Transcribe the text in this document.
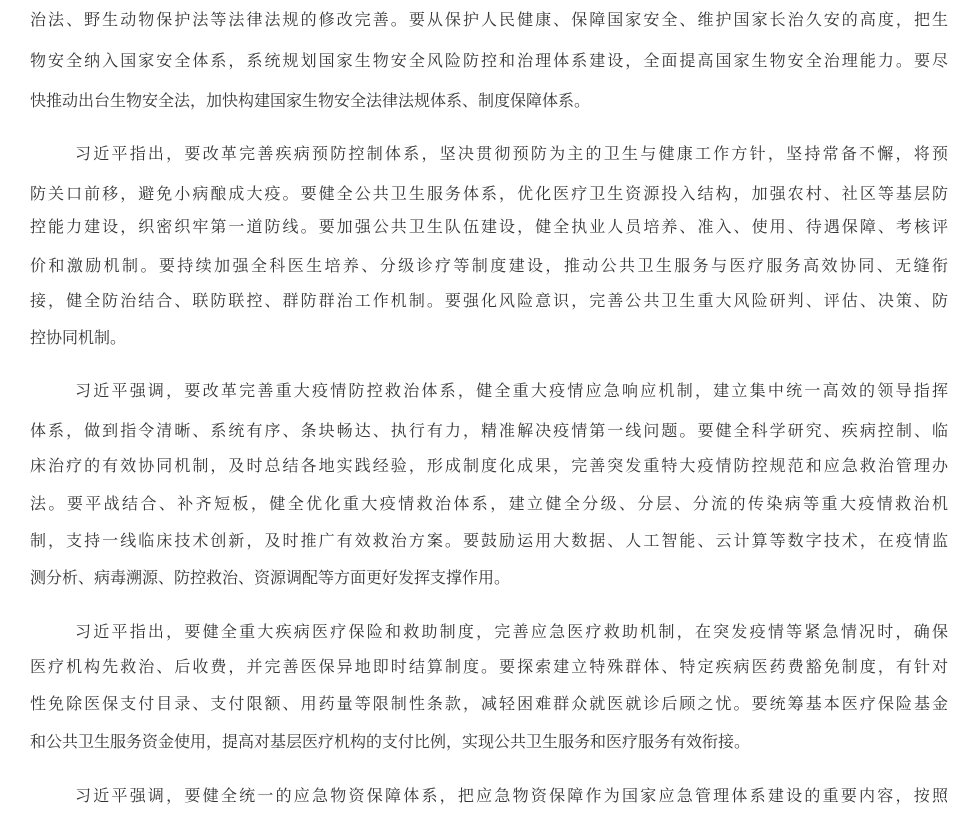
治法、野生动物保护法等法律法规的修改完善。要从保护人民健康、保障国家安全、维护国家长治久安的高度，把生
物安全纳入国家安全体系，系统规划国家生物安全风险防控和治理体系建设，全面提高国家生物安全治理能力。要尽
快推动出台生物安全法，加快构建国家生物安全法律法规体系、制度保障体系。
习近平指出，要改革完善疾病预防控制体系，坚决贯彻预防为主的卫生与健康工作方针，坚持常备不懈，将预
防关口前移，避免小病酿成大疫。要健全公共卫生服务体系，优化医疗卫生资源投入结构，加强农村、社区等基层防
控能力建设，织密织牢第一道防线。要加强公共卫生队伍建设，健全执业人员培养、准入、使用、待遇保障、考核评
价和激励机制。要持续加强全科医生培养、分级诊疗等制度建设，推动公共卫生服务与医疗服务高效协同、无缝衔
接，健全防治结合、联防联控、群防群治工作机制。要强化风险意识，完善公共卫生重大风险研判、评估、决策、防
控协同机制。
习近平强调，要改革完善重大疫情防控救治体系，健全重大疫情应急响应机制，建立集中统一高效的领导指挥
体系，做到指令清晰、系统有序、条块畅达、执行有力，精准解决疫情第一线问题。要健全科学研究、疾病控制、临
床治疗的有效协同机制，及时总结各地实践经验，形成制度化成果，完善突发重特大疫情防控规范和应急救治管理办
法。要平战结合、补齐短板，健全优化重大疫情救治体系，建立健全分级、分层、分流的传染病等重大疫情救治机
制，支持一线临床技术创新，及时推广有效救治方案。要鼓励运用大数据、人工智能、云计算等数字技术，在疫情监
测分析、病毒溯源、防控救治、资源调配等方面更好发挥支撑作用。
习近平指出，要健全重大疾病医疗保险和救助制度，完善应急医疗救助机制，在突发疫情等紧急情况时，确保
医疗机构先救治、后收费，并完善医保异地即时结算制度。要探索建立特殊群体、特定疾病医药费豁免制度，有针对
性免除医保支付目录、支付限额、用药量等限制性条款，减轻困难群众就医就诊后顾之忧。要统筹基本医疗保险基金
和公共卫生服务资金使用，提高对基层医疗机构的支付比例，实现公共卫生服务和医疗服务有效衔接。
习近平强调，要健全统一的应急物资保障体系，把应急物资保障作为国家应急管理体系建设的重要内容，按照
